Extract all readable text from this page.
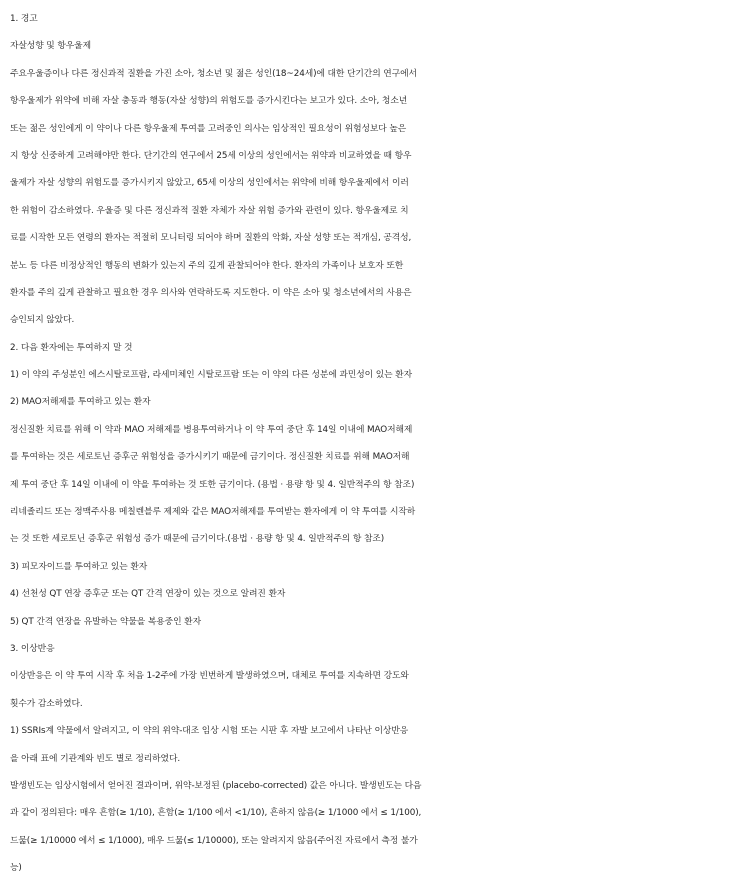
1. 경고
자살성향 및 항우울제
주요우울증이나 다른 정신과적 질환을 가진 소아, 청소년 및 젊은 성인(18~24세)에 대한 단기간의 연구에서
항우울제가 위약에 비해 자살 충동과 행동(자살 성향)의 위험도를 증가시킨다는 보고가 있다. 소아, 청소년
또는 젊은 성인에게 이 약이나 다른 항우울제 투여를 고려중인 의사는 임상적인 필요성이 위험성보다 높은
지 항상 신중하게 고려해야만 한다. 단기간의 연구에서 25세 이상의 성인에서는 위약과 비교하였을 때 항우
울제가 자살 성향의 위험도를 증가시키지 않았고, 65세 이상의 성인에서는 위약에 비해 항우울제에서 이러
한 위험이 감소하였다. 우울증 및 다른 정신과적 질환 자체가 자살 위험 증가와 관련이 있다. 항우울제로 치
료를 시작한 모든 연령의 환자는 적절히 모니터링 되어야 하며 질환의 악화, 자살 성향 또는 적개심, 공격성,
분노 등 다른 비정상적인 행동의 변화가 있는지 주의 깊게 관찰되어야 한다. 환자의 가족이나 보호자 또한
환자를 주의 깊게 관찰하고 필요한 경우 의사와 연락하도록 지도한다. 이 약은 소아 및 청소년에서의 사용은
승인되지 않았다.
2. 다음 환자에는 투여하지 말 것
1) 이 약의 주성분인 에스시탈로프람, 라세미체인 시탈로프람 또는 이 약의 다른 성분에 과민성이 있는 환자
2) MAO저해제를 투여하고 있는 환자
정신질환 치료를 위해 이 약과 MAO 저해제를 병용투여하거나 이 약 투여 중단 후 14일 이내에 MAO저해제
를 투여하는 것은 세로토닌 증후군 위험성을 증가시키기 때문에 금기이다. 정신질환 치료를 위해 MAO저해
제 투여 중단 후 14일 이내에 이 약을 투여하는 것 또한 금기이다. (용법 · 용량 항 및 4. 일반적주의 항 참조)
리네졸리드 또는 정맥주사용 메칠렌블루 제제와 같은 MAO저해제를 투여받는 환자에게 이 약 투여를 시작하
는 것 또한 세로토닌 증후군 위험성 증가 때문에 금기이다.(용법 · 용량 항 및 4. 일반적주의 항 참조)
3) 피모자이드를 투여하고 있는 환자
4) 선천성 QT 연장 증후군 또는 QT 간격 연장이 있는 것으로 알려진 환자
5) QT 간격 연장을 유발하는 약물을 복용중인 환자
3. 이상반응
이상반응은 이 약 투여 시작 후 처음 1-2주에 가장 빈번하게 발생하였으며, 대체로 투여를 지속하면 강도와
횟수가 감소하였다.
1) SSRIs계 약물에서 알려지고, 이 약의 위약-대조 임상 시험 또는 시판 후 자발 보고에서 나타난 이상반응
을 아래 표에 기관계와 빈도 별로 정리하였다.
발생빈도는 임상시험에서 얻어진 결과이며, 위약-보정된 (placebo-corrected) 값은 아니다. 발생빈도는 다음
과 같이 정의된다: 매우 흔함(≥ 1/10), 흔함(≥ 1/100 에서 <1/10), 흔하지 않음(≥ 1/1000 에서 ≤ 1/100),
드묾(≥ 1/10000 에서 ≤ 1/1000), 매우 드묾(≤ 1/10000), 또는 알려지지 않음(주어진 자료에서 측정 불가
능)
